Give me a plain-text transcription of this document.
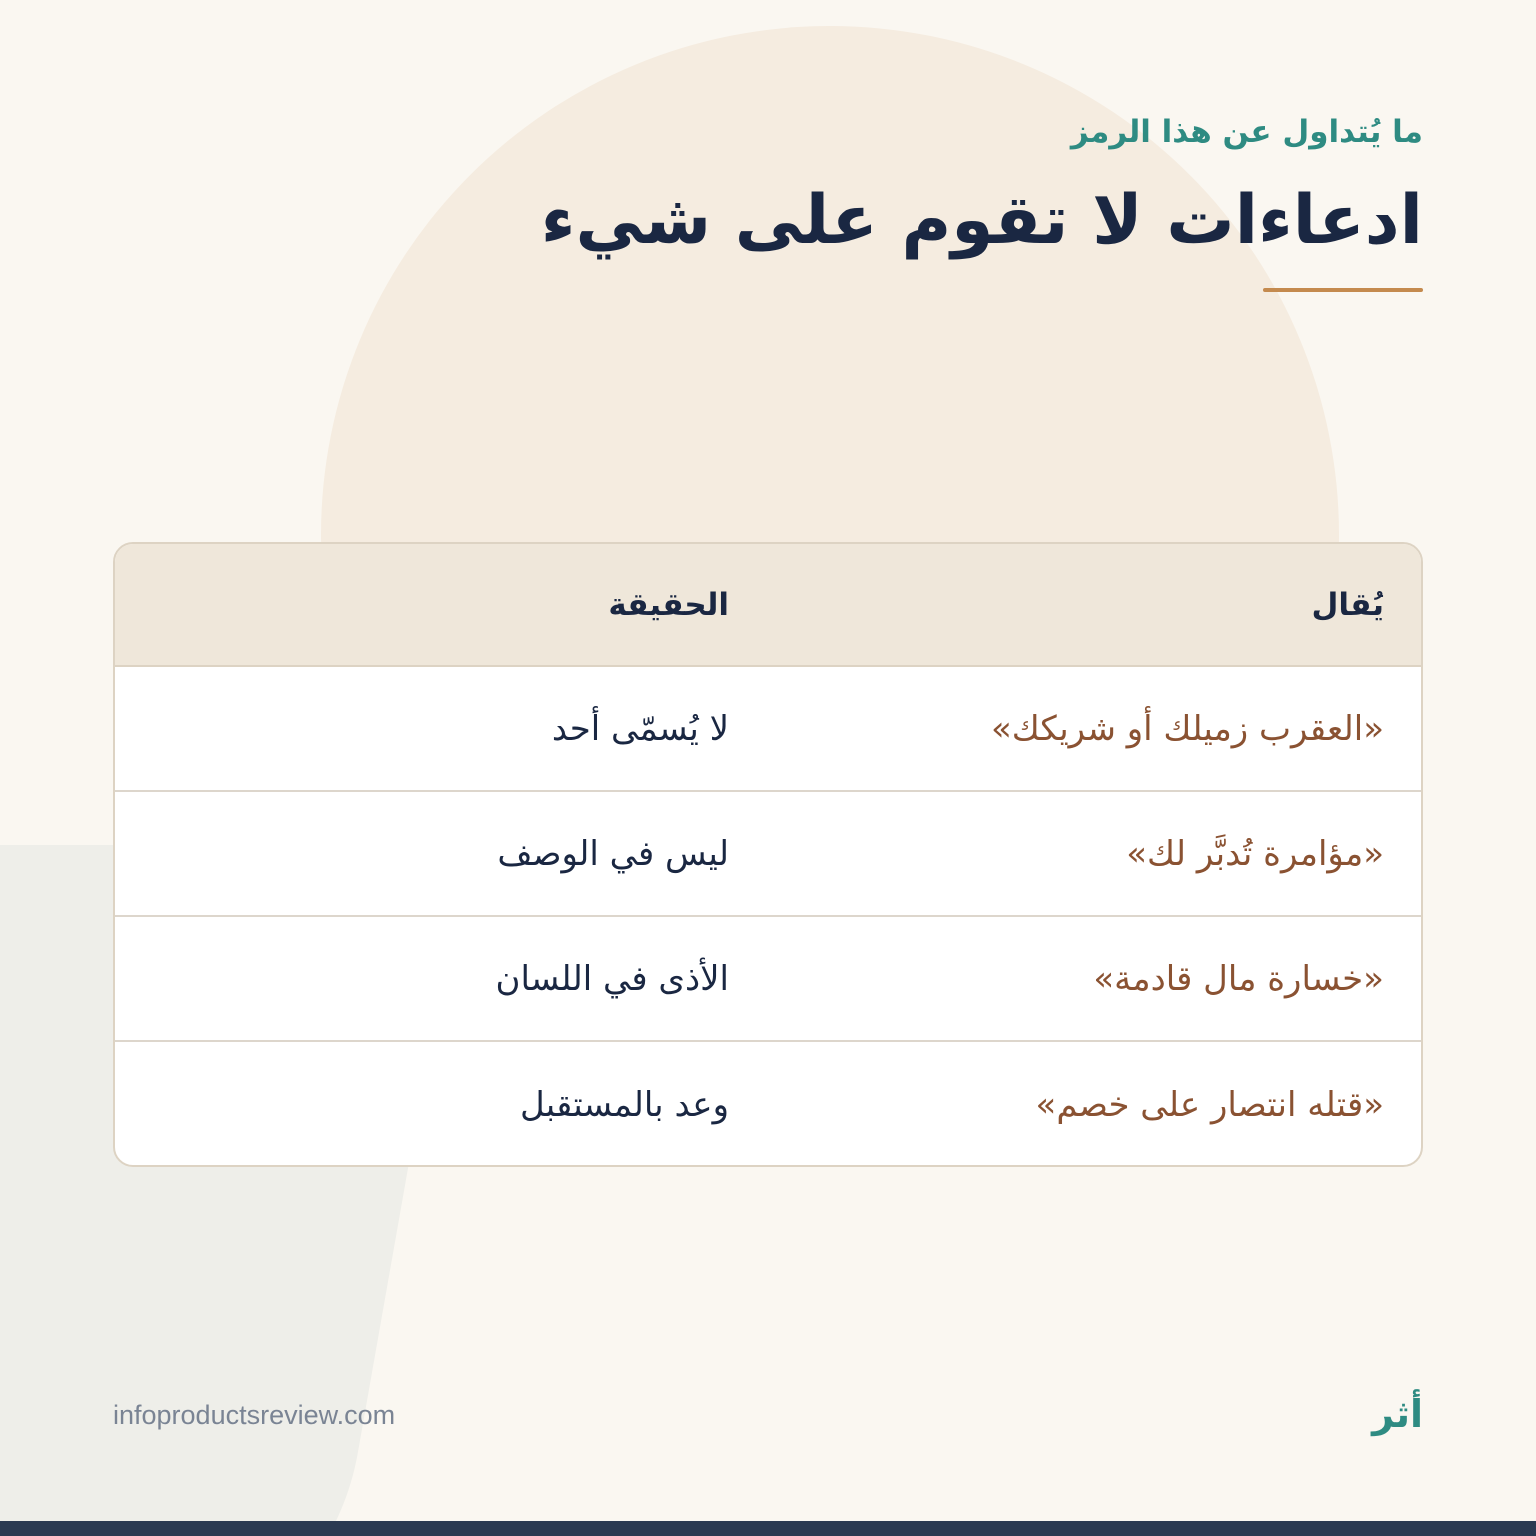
ما يُتداول عن هذا الرمز
ادعاءات لا تقوم على شيء
يُقال
الحقيقة
«العقرب زميلك أو شريكك»
لا يُسمّى أحد
«مؤامرة تُدبَّر لك»
ليس في الوصف
«خسارة مال قادمة»
الأذى في اللسان
«قتله انتصار على خصم»
وعد بالمستقبل
infoproductsreview.com	أثر
